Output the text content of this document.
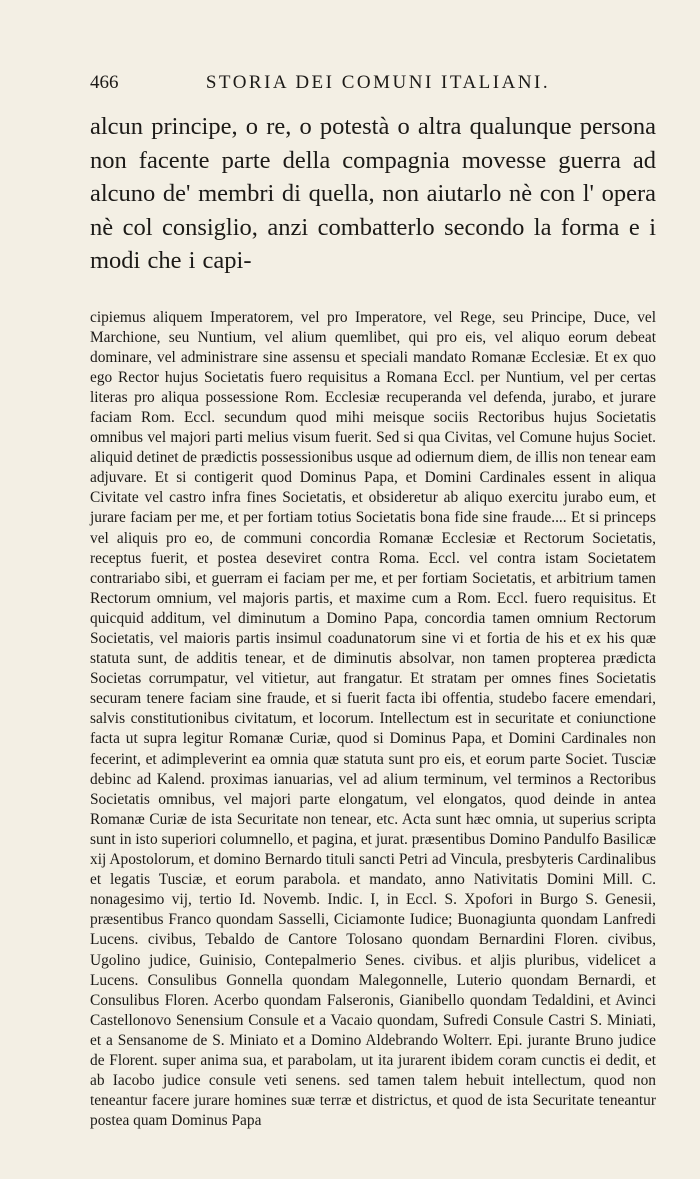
466	STORIA DEI COMUNI ITALIANI.

alcun principe, o re, o potestà o altra qualunque persona non facente parte della compagnia movesse guerra ad alcuno de' membri di quella, non aiutarlo nè con l' opera nè col consiglio, anzi combatterlo secondo la forma e i modi che i capi-

cipiemus aliquem Imperatorem, vel pro Imperatore, vel Rege, seu Principe, Duce, vel Marchione, seu Nuntium, vel alium quemlibet, qui pro eis, vel aliquo eorum debeat dominare, vel administrare sine assensu et speciali mandato Romanæ Ecclesiæ. Et ex quo ego Rector hujus Societatis fuero requisitus a Romana Eccl. per Nuntium, vel per certas literas pro aliqua possessione Rom. Ecclesiæ recuperanda vel defenda, jurabo, et jurare faciam Rom. Eccl. secundum quod mihi meisque sociis Rectoribus hujus Societatis omnibus vel majori parti melius visum fuerit. Sed si qua Civitas, vel Comune hujus Societ. aliquid detinet de prædictis possessionibus usque ad odiernum diem, de illis non tenear eam adjuvare. Et si contigerit quod Dominus Papa, et Domini Cardinales essent in aliqua Civitate vel castro infra fines Societatis, et obsideretur ab aliquo exercitu jurabo eum, et jurare faciam per me, et per fortiam totius Societatis bona fide sine fraude.... Et si princeps vel aliquis pro eo, de communi concordia Romanæ Ecclesiæ et Rectorum Societatis, receptus fuerit, et postea deseviret contra Roma. Eccl. vel contra istam Societatem contrariabo sibi, et guerram ei faciam per me, et per fortiam Societatis, et arbitrium tamen Rectorum omnium, vel majoris partis, et maxime cum a Rom. Eccl. fuero requisitus. Et quicquid additum, vel diminutum a Domino Papa, concordia tamen omnium Rectorum Societatis, vel maioris partis insimul coadunatorum sine vi et fortia de his et ex his quæ statuta sunt, de additis tenear, et de diminutis absolvar, non tamen propterea prædicta Societas corrumpatur, vel vitietur, aut frangatur. Et stratam per omnes fines Societatis securam tenere faciam sine fraude, et si fuerit facta ibi offentia, studebo facere emendari, salvis constitutionibus civitatum, et locorum. Intellectum est in securitate et coniunctione facta ut supra legitur Romanæ Curiæ, quod si Dominus Papa, et Domini Cardinales non fecerint, et adimpleverint ea omnia quæ statuta sunt pro eis, et eorum parte Societ. Tusciæ debinc ad Kalend. proximas ianuarias, vel ad alium terminum, vel terminos a Rectoribus Societatis omnibus, vel majori parte elongatum, vel elongatos, quod deinde in antea Romanæ Curiæ de ista Securitate non tenear, etc. Acta sunt hæc omnia, ut superius scripta sunt in isto superiori columnello, et pagina, et jurat. præsentibus Domino Pandulfo Basilicæ xij Apostolorum, et domino Bernardo tituli sancti Petri ad Vincula, presbyteris Cardinalibus et legatis Tusciæ, et eorum parabola. et mandato, anno Nativitatis Domini Mill. C. nonagesimo vij, tertio Id. Novemb. Indic. I, in Eccl. S. Xpofori in Burgo S. Genesii, præsentibus Franco quondam Sasselli, Ciciamonte Iudice; Buonagiunta quondam Lanfredi Lucens. civibus, Tebaldo de Cantore Tolosano quondam Bernardini Floren. civibus, Ugolino judice, Guinisio, Contepalmerio Senes. civibus. et aljis pluribus, videlicet a Lucens. Consulibus Gonnella quondam Malegonnelle, Luterio quondam Bernardi, et Consulibus Floren. Acerbo quondam Falseronis, Gianibello quondam Tedaldini, et Avinci Castellonovo Senensium Consule et a Vacaio quondam, Sufredi Consule Castri S. Miniati, et a Sensanome de S. Miniato et a Domino Aldebrando Wolterr. Epi. jurante Bruno judice de Florent. super anima sua, et parabolam, ut ita jurarent ibidem coram cunctis ei dedit, et ab Iacobo judice consule veti senens. sed tamen talem hebuit intellectum, quod non teneantur facere jurare homines suæ terræ et districtus, et quod de ista Securitate teneantur postea quam Dominus Papa
